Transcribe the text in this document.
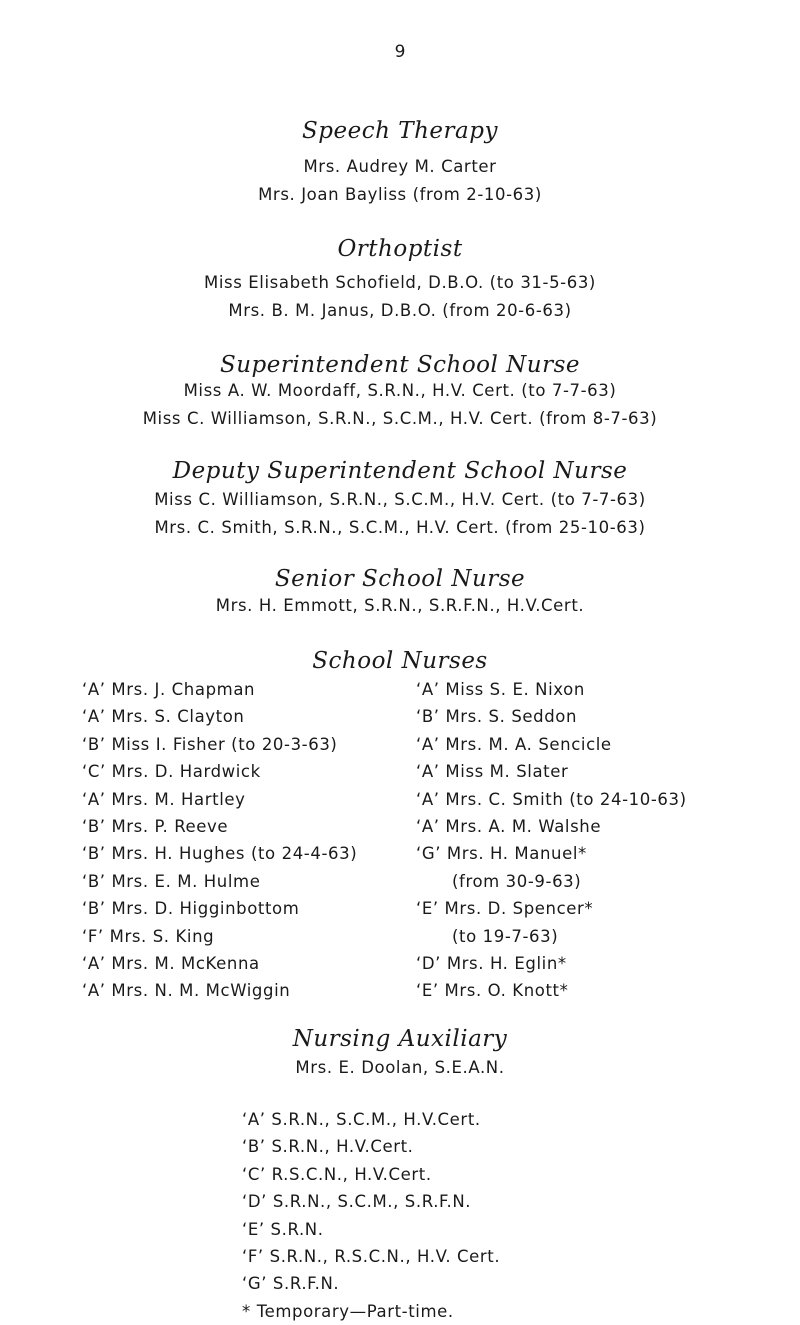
9
Speech Therapy
Mrs. Audrey M. Carter
Mrs. Joan Bayliss (from 2-10-63)
Orthoptist
Miss Elisabeth Schofield, D.B.O. (to 31-5-63)
Mrs. B. M. Janus, D.B.O. (from 20-6-63)
Superintendent School Nurse
Miss A. W. Moordaff, S.R.N., H.V. Cert. (to 7-7-63)
Miss C. Williamson, S.R.N., S.C.M., H.V. Cert. (from 8-7-63)
Deputy Superintendent School Nurse
Miss C. Williamson, S.R.N., S.C.M., H.V. Cert. (to 7-7-63)
Mrs. C. Smith, S.R.N., S.C.M., H.V. Cert. (from 25-10-63)
Senior School Nurse
Mrs. H. Emmott, S.R.N., S.R.F.N., H.V.Cert.
School Nurses
‘A’ Mrs. J. Chapman
‘A’ Mrs. S. Clayton
‘B’ Miss I. Fisher (to 20-3-63)
‘C’ Mrs. D. Hardwick
‘A’ Mrs. M. Hartley
‘B’ Mrs. P. Reeve
‘B’ Mrs. H. Hughes (to 24-4-63)
‘B’ Mrs. E. M. Hulme
‘B’ Mrs. D. Higginbottom
‘F’ Mrs. S. King
‘A’ Mrs. M. McKenna
‘A’ Mrs. N. M. McWiggin
‘A’ Miss S. E. Nixon
‘B’ Mrs. S. Seddon
‘A’ Mrs. M. A. Sencicle
‘A’ Miss M. Slater
‘A’ Mrs. C. Smith (to 24-10-63)
‘A’ Mrs. A. M. Walshe
‘G’ Mrs. H. Manuel*
(from 30-9-63)
‘E’ Mrs. D. Spencer*
(to 19-7-63)
‘D’ Mrs. H. Eglin*
‘E’ Mrs. O. Knott*
Nursing Auxiliary
Mrs. E. Doolan, S.E.A.N.
‘A’ S.R.N., S.C.M., H.V.Cert.
‘B’ S.R.N., H.V.Cert.
‘C’ R.S.C.N., H.V.Cert.
‘D’ S.R.N., S.C.M., S.R.F.N.
‘E’ S.R.N.
‘F’ S.R.N., R.S.C.N., H.V. Cert.
‘G’ S.R.F.N.
* Temporary—Part-time.
